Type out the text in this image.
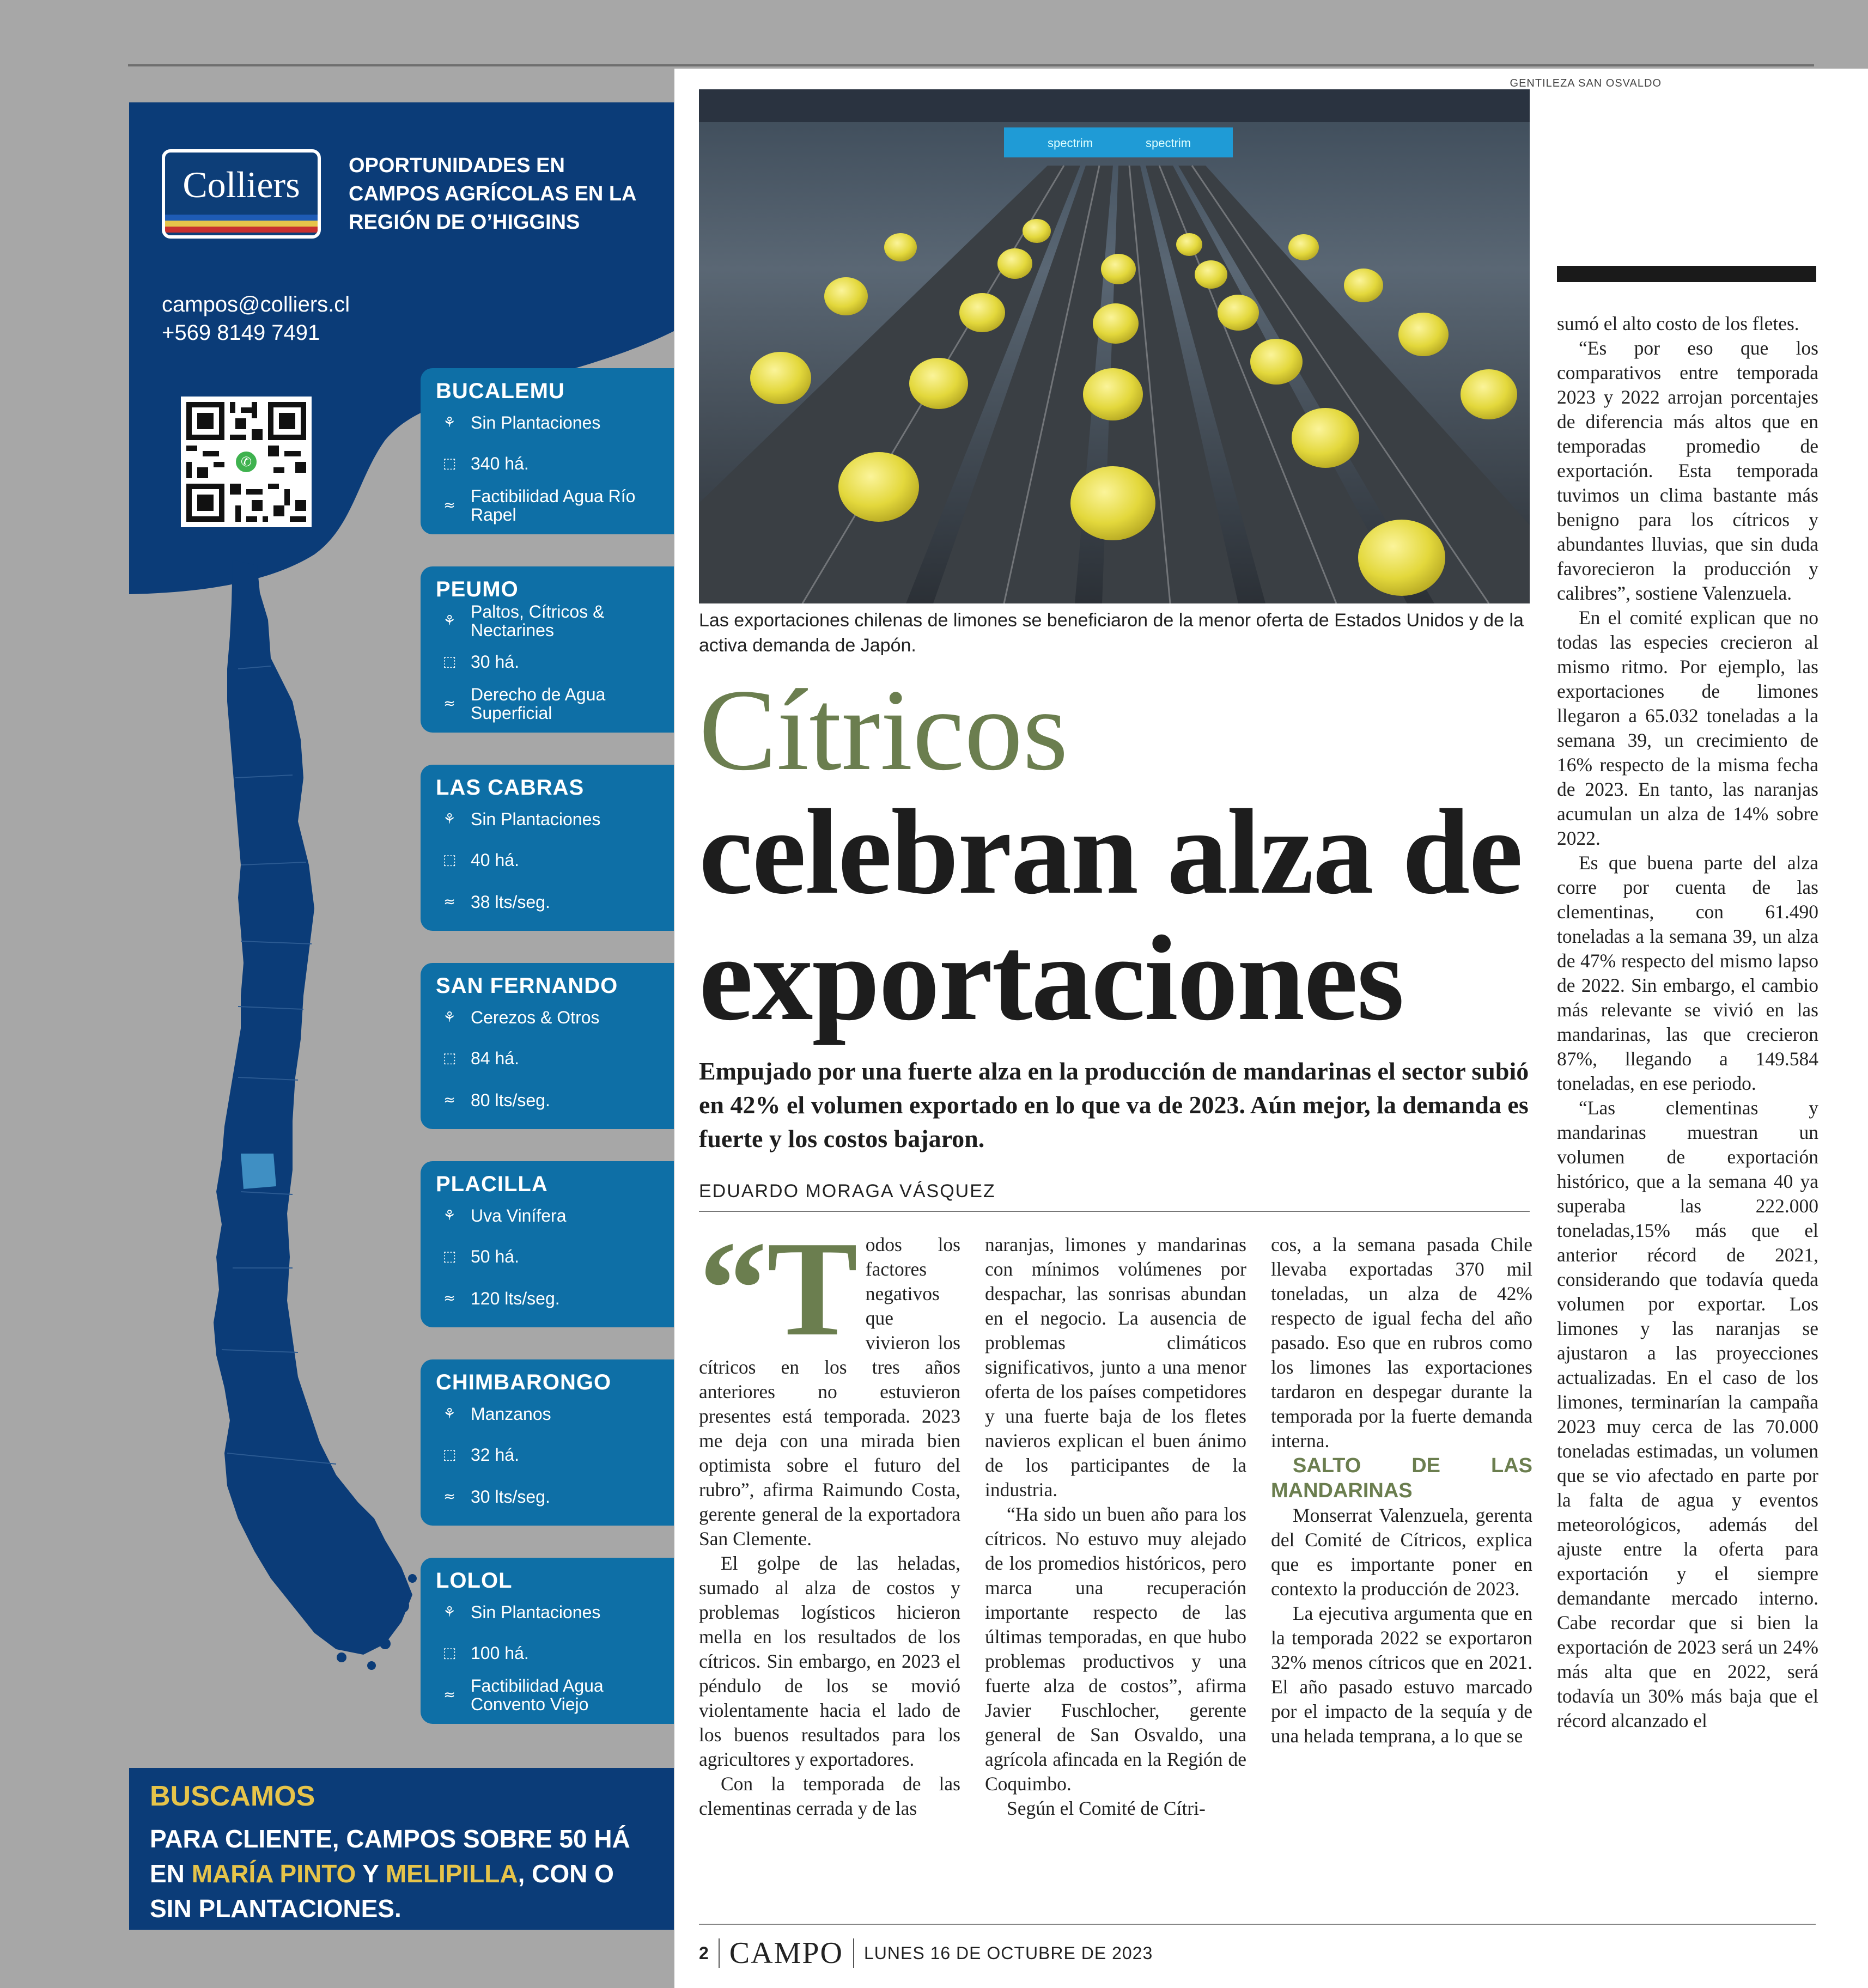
Colliers	OPORTUNIDADES EN CAMPOS AGRÍCOLAS EN LA REGIÓN DE O’HIGGINS
campos@colliers.cl
+569 8149 7491
✆
BUCALEMU
⚘ Sin Plantaciones
⬚ 340 há.
≈ Factibilidad Agua Río Rapel
PEUMO
⚘ Paltos, Cítricos & Nectarines
⬚ 30 há.
≈ Derecho de Agua Superficial
LAS CABRAS
⚘ Sin Plantaciones
⬚ 40 há.
≈ 38 lts/seg.
SAN FERNANDO
⚘ Cerezos & Otros
⬚ 84 há.
≈ 80 lts/seg.
PLACILLA
⚘ Uva Vinífera
⬚ 50 há.
≈ 120 lts/seg.
CHIMBARONGO
⚘ Manzanos
⬚ 32 há.
≈ 30 lts/seg.
LOLOL
⚘ Sin Plantaciones
⬚ 100 há.
≈ Factibilidad Agua Convento Viejo
BUSCAMOS
PARA CLIENTE, CAMPOS SOBRE 50 HÁ EN MARÍA PINTO Y MELIPILLA, CON O SIN PLANTACIONES.
GENTILEZA SAN OSVALDO
spectrim	spectrim
Las exportaciones chilenas de limones se beneficiaron de la menor oferta de Estados Unidos y de la activa demanda de Japón.
Cítricos
celebran alza de exportaciones
Empujado por una fuerte alza en la producción de mandarinas el sector subió en 42% el volumen exportado en lo que va de 2023. Aún mejor, la demanda es fuerte y los costos bajaron.
EDUARDO MORAGA VÁSQUEZ

“Todos los factores negativos que vivieron los cítricos en los tres años anteriores no estuvieron presentes está temporada. 2023 me deja con una mirada bien optimista sobre el futuro del rubro”, afirma Raimundo Costa, gerente general de la exportadora San Clemente.

El golpe de las heladas, sumado al alza de costos y problemas logísticos hicieron mella en los resultados de los cítricos. Sin embargo, en 2023 el péndulo de los se movió violentamente hacia el lado de los buenos resultados para los agricultores y exportadores.

Con la temporada de las clementinas cerrada y de las

naranjas, limones y mandarinas con mínimos volúmenes por despachar, las sonrisas abundan en el negocio. La ausencia de problemas climáticos significativos, junto a una menor oferta de los países competidores y una fuerte baja de los fletes navieros explican el buen ánimo de los participantes de la industria.

“Ha sido un buen año para los cítricos. No estuvo muy alejado de los promedios históricos, pero marca una recuperación importante respecto de las últimas temporadas, en que hubo problemas productivos y una fuerte alza de costos”, afirma Javier Fuschlocher, gerente general de San Osvaldo, una agrícola afincada en la Región de Coquimbo.

Según el Comité de Cítri-

cos, a la semana pasada Chile llevaba exportadas 370 mil toneladas, un alza de 42% respecto de igual fecha del año pasado. Eso que en rubros como los limones las exportaciones tardaron en despegar durante la temporada por la fuerte demanda interna.

SALTO DE LAS MANDARINAS

Monserrat Valenzuela, gerenta del Comité de Cítricos, explica que es importante poner en contexto la producción de 2023.

La ejecutiva argumenta que en la temporada 2022 se exportaron 32% menos cítricos que en 2021. El año pasado estuvo marcado por el impacto de la sequía y de una helada temprana, a lo que se

sumó el alto costo de los fletes.

“Es por eso que los comparativos entre temporada 2023 y 2022 arrojan porcentajes de diferencia más altos que en temporadas promedio de exportación. Esta temporada tuvimos un clima bastante más benigno para los cítricos y abundantes lluvias, que sin duda favorecieron la producción y calibres”, sostiene Valenzuela.

En el comité explican que no todas las especies crecieron al mismo ritmo. Por ejemplo, las exportaciones de limones llegaron a 65.032 toneladas a la semana 39, un crecimiento de 16% respecto de la misma fecha de 2023. En tanto, las naranjas acumulan un alza de 14% sobre 2022.

Es que buena parte del alza corre por cuenta de las clementinas, con 61.490 toneladas a la semana 39, un alza de 47% respecto del mismo lapso de 2022. Sin embargo, el cambio más relevante se vivió en las mandarinas, las que crecieron 87%, llegando a 149.584 toneladas, en ese periodo.

“Las clementinas y mandarinas muestran un volumen de exportación histórico, que a la semana 40 ya superaba las 222.000 toneladas,15% más que el anterior récord de 2021, considerando que todavía queda volumen por exportar. Los limones y las naranjas se ajustaron a las proyecciones actualizadas. En el caso de los limones, terminarían la campaña 2023 muy cerca de las 70.000 toneladas estimadas, un volumen que se vio afectado en parte por la falta de agua y eventos meteorológicos, además del ajuste entre la oferta para exportación y el siempre demandante mercado interno. Cabe recordar que si bien la exportación de 2023 será un 24% más alta que en 2022, será todavía un 30% más baja que el récord alcanzado el

2 CAMPO LUNES 16 DE OCTUBRE DE 2023
